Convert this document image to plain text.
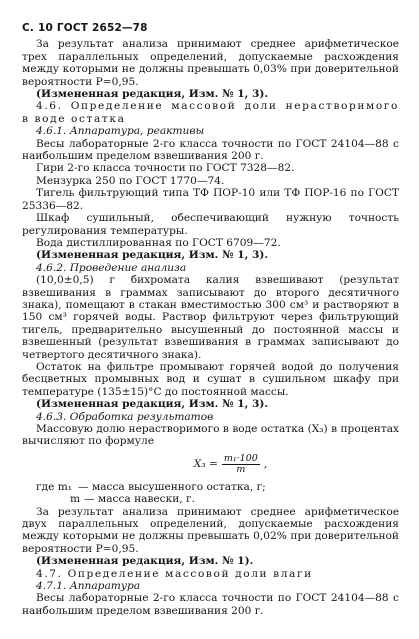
С. 10 ГОСТ 2652—78

За результат анализа принимают среднее арифметическое трех параллельных определений, допускаемые расхождения между которыми не должны превышать 0,03% при доверительной вероятности Р=0,95.

(Измененная редакция, Изм. № 1, 3).

4.6. Определение массовой доли нерастворимого в воде остатка

4.6.1. Аппаратура, реактивы

Весы лабораторные 2-го класса точности по ГОСТ 24104—88 с наибольшим пределом взвешивания 200 г.

Гири 2-го класса точности по ГОСТ 7328—82.

Мензурка 250 по ГОСТ 1770—74.

Тигель фильтрующий типа ТФ ПОР-10 или ТФ ПОР-16 по ГОСТ 25336—82.

Шкаф сушильный, обеспечивающий нужную точность регулирования температуры.

Вода дистиллированная по ГОСТ 6709—72.

(Измененная редакция, Изм. № 1, 3).

4.6.2. Проведение анализа

(10,0±0,5) г бихромата калия взвешивают (результат взвешивания в граммах записывают до второго десятичного знака), помещают в стакан вместимостью 300 см³ и растворяют в 150 см³ горячей воды. Раствор фильтруют через фильтрующий тигель, предварительно высушенный до постоянной массы и взвешенный (результат взвешивания в граммах записывают до четвертого десятичного знака).

Остаток на фильтре промывают горячей водой до получения бесцветных промывных вод и сушат в сушильном шкафу при температуре (135±15)°С до постоянной массы.

(Измененная редакция, Изм. № 1, 3).

4.6.3. Обработка результатов

Массовую долю нерастворимого в воде остатка (X₃) в процентах вычисляют по формуле

$X_3 = \frac{\text{m₁·100}}{m}$ ,
где m₁ — масса высушенного остатка, г;
m — масса навески, г.

За результат анализа принимают среднее арифметическое двух параллельных определений, допускаемые расхождения между которыми не должны превышать 0,02% при доверительной вероятности Р=0,95.

(Измененная редакция, Изм. № 1).

4.7. Определение массовой доли влаги

4.7.1. Аппаратура

Весы лабораторные 2-го класса точности по ГОСТ 24104—88 с наибольшим пределом взвешивания 200 г.
